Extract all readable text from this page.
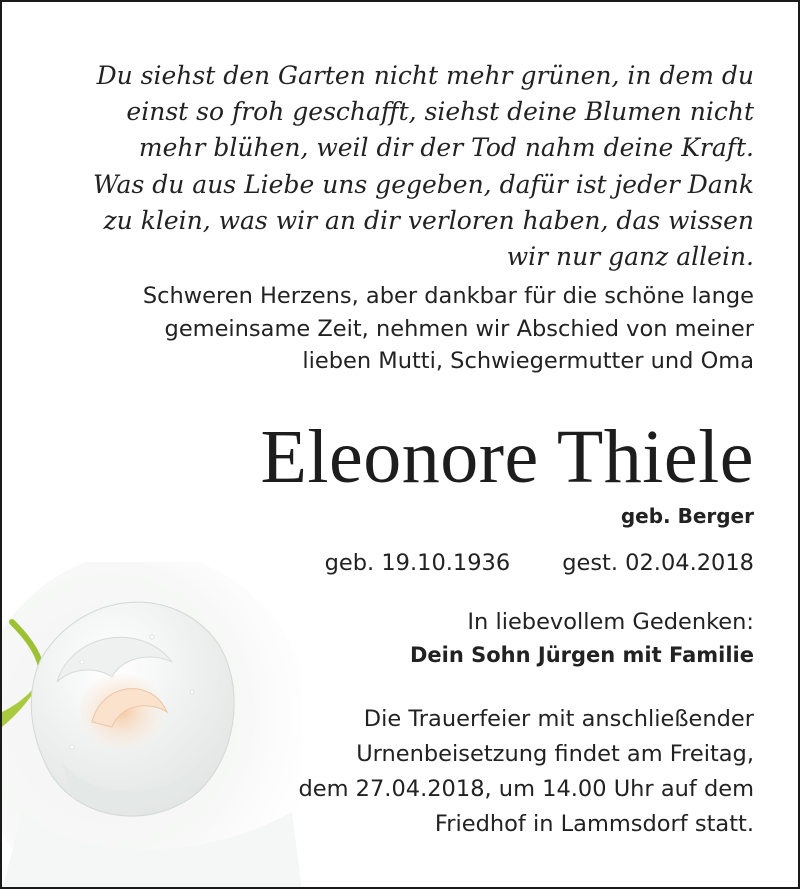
Du siehst den Garten nicht mehr grünen, in dem du
einst so froh geschafft, siehst deine Blumen nicht
mehr blühen, weil dir der Tod nahm deine Kraft.
Was du aus Liebe uns gegeben, dafür ist jeder Dank
zu klein, was wir an dir verloren haben, das wissen
wir nur ganz allein.
Schweren Herzens, aber dankbar für die schöne lange
gemeinsame Zeit, nehmen wir Abschied von meiner
lieben Mutti, Schwiegermutter und Oma
Eleonore Thiele
geb. Berger
geb. 19.10.1936 gest. 02.04.2018
In liebevollem Gedenken:
Dein Sohn Jürgen mit Familie
Die Trauerfeier mit anschließender
Urnenbeisetzung findet am Freitag,
dem 27.04.2018, um 14.00 Uhr auf dem
Friedhof in Lammsdorf statt.
